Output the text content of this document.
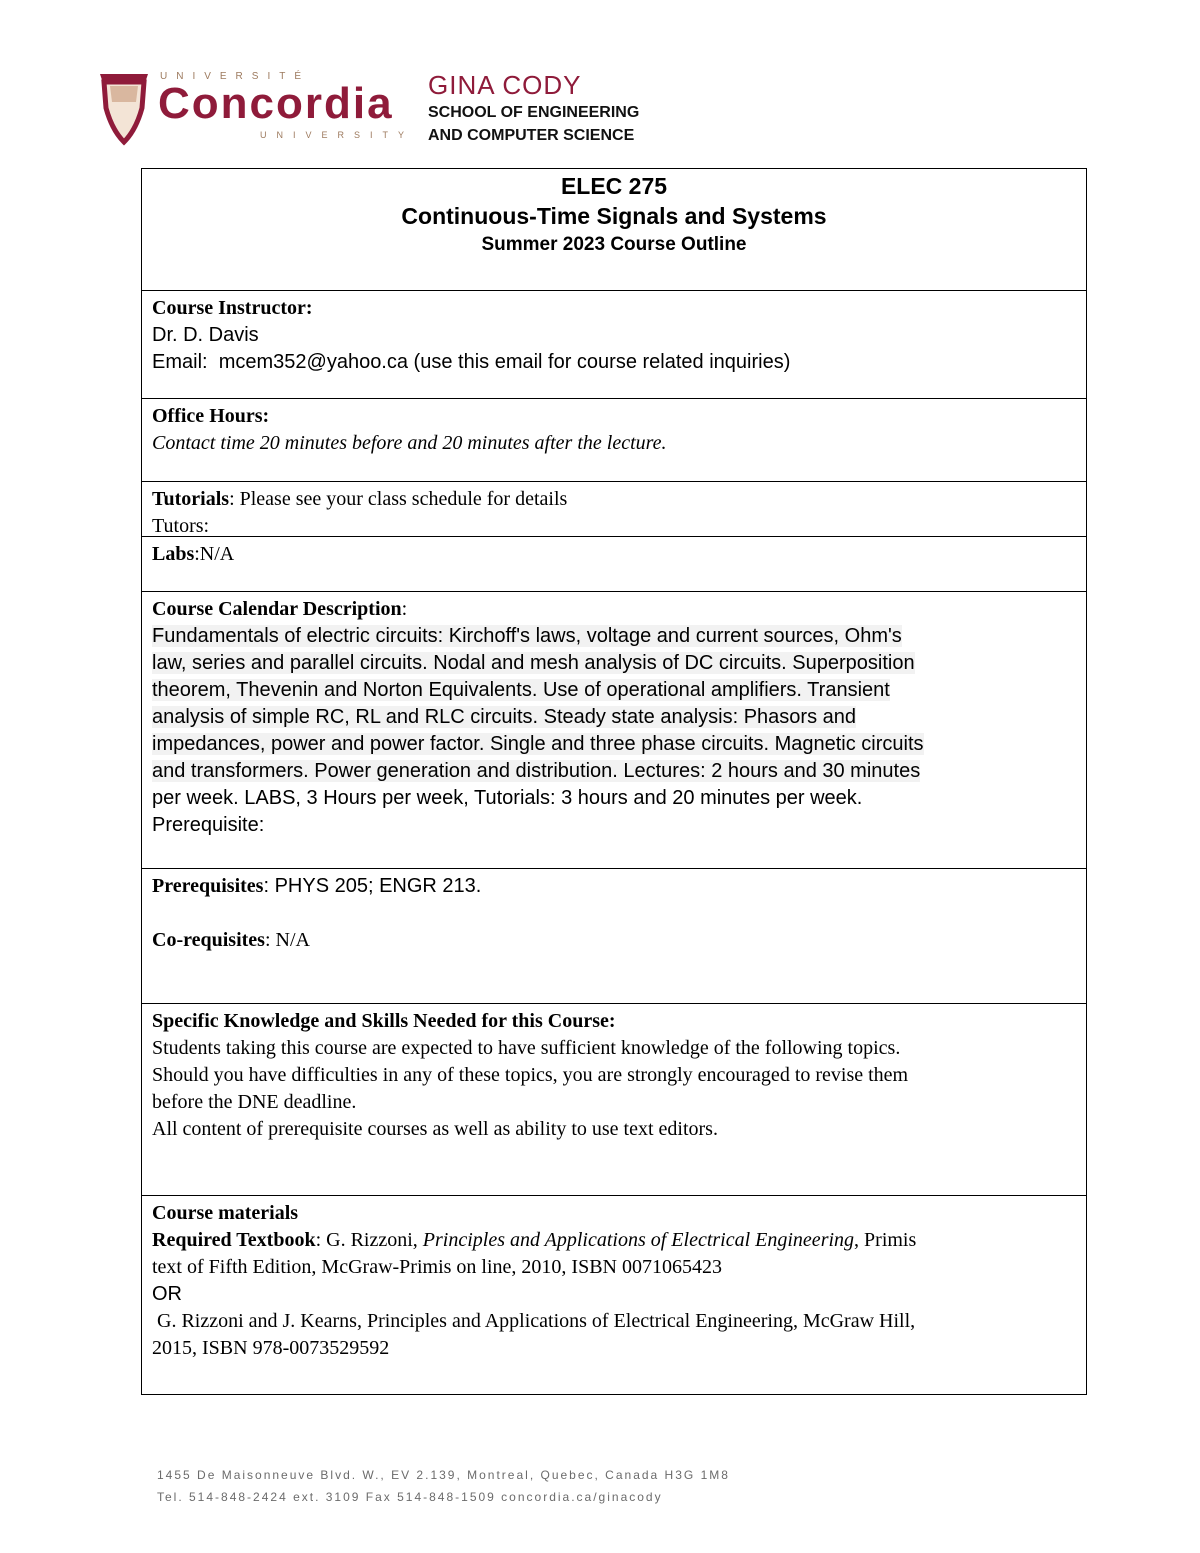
UNIVERSITÉ
Concordia
UNIVERSITY
GINA CODY
SCHOOL OF ENGINEERING
AND COMPUTER SCIENCE
ELEC 275
Continuous-Time Signals and Systems
Summer 2023 Course Outline
Course Instructor:
Dr. D. Davis
Email: mcem352@yahoo.ca (use this email for course related inquiries)
Office Hours:
Contact time 20 minutes before and 20 minutes after the lecture.
Tutorials: Please see your class schedule for details
Tutors:
Labs:N/A
Course Calendar Description:
Fundamentals of electric circuits: Kirchoff's laws, voltage and current sources, Ohm's
law, series and parallel circuits. Nodal and mesh analysis of DC circuits. Superposition
theorem, Thevenin and Norton Equivalents. Use of operational amplifiers. Transient
analysis of simple RC, RL and RLC circuits. Steady state analysis: Phasors and
impedances, power and power factor. Single and three phase circuits. Magnetic circuits
and transformers. Power generation and distribution. Lectures: 2 hours and 30 minutes
per week. LABS, 3 Hours per week, Tutorials: 3 hours and 20 minutes per week.
Prerequisite:
Prerequisites: PHYS 205; ENGR 213.
Co-requisites: N/A
Specific Knowledge and Skills Needed for this Course:
Students taking this course are expected to have sufficient knowledge of the following topics.
Should you have difficulties in any of these topics, you are strongly encouraged to revise them
before the DNE deadline.
All content of prerequisite courses as well as ability to use text editors.
Course materials
Required Textbook: G. Rizzoni, Principles and Applications of Electrical Engineering, Primis
text of Fifth Edition, McGraw-Primis on line, 2010, ISBN 0071065423
OR
G. Rizzoni and J. Kearns, Principles and Applications of Electrical Engineering, McGraw Hill,
2015, ISBN 978-0073529592
1455 De Maisonneuve Blvd. W., EV 2.139, Montreal, Quebec, Canada H3G 1M8
Tel. 514-848-2424 ext. 3109 Fax 514-848-1509 concordia.ca/ginacody
